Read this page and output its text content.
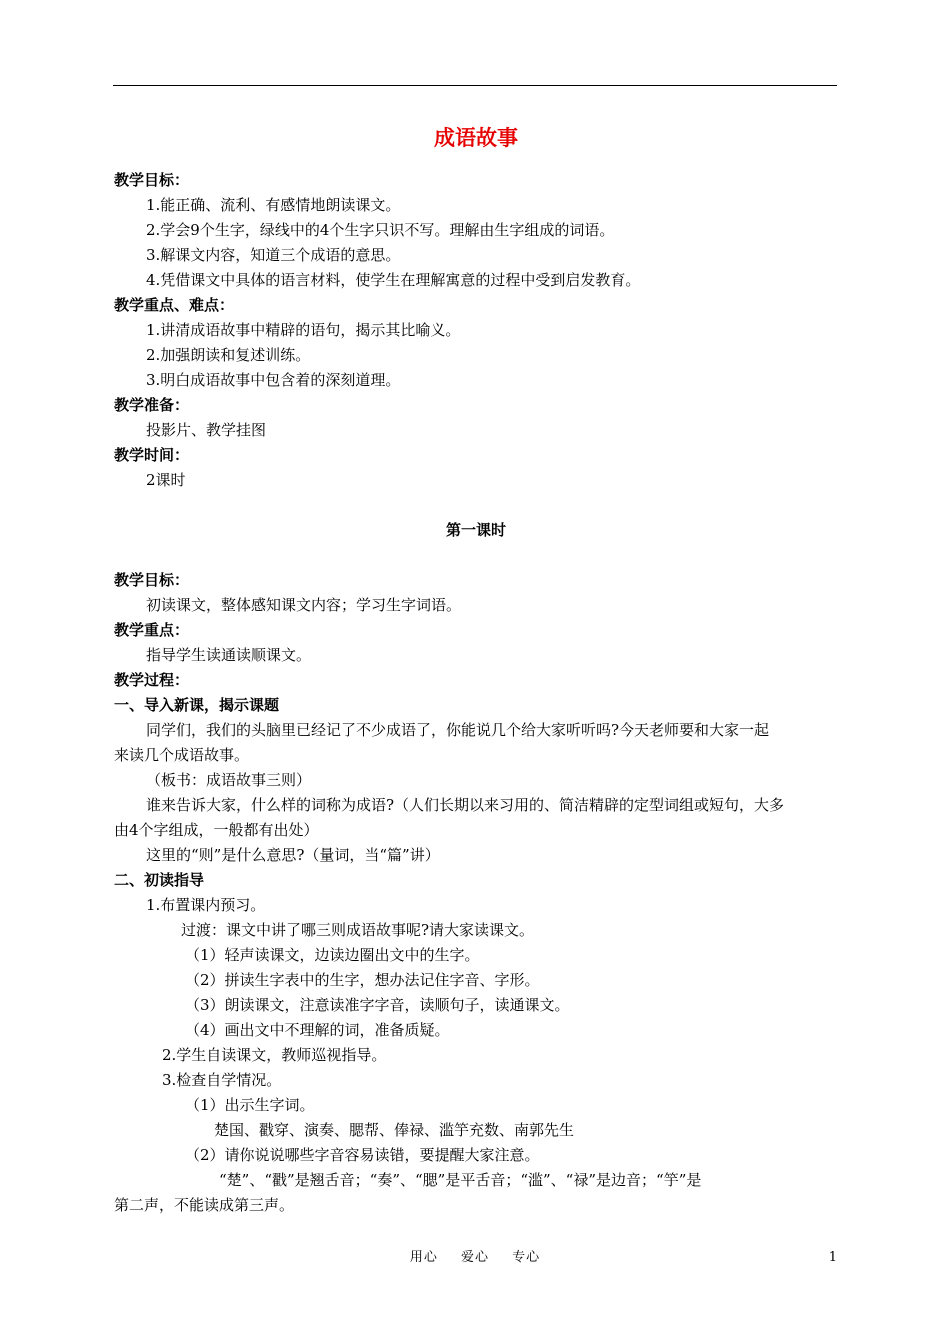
成语故事
教学目标：
1.能正确、流利、有感情地朗读课文。
2.学会9个生字，绿线中的4个生字只识不写。理解由生字组成的词语。
3.解课文内容，知道三个成语的意思。
4.凭借课文中具体的语言材料，使学生在理解寓意的过程中受到启发教育。
教学重点、难点：
1.讲清成语故事中精辟的语句，揭示其比喻义。
2.加强朗读和复述训练。
3.明白成语故事中包含着的深刻道理。
教学准备：
投影片、教学挂图
教学时间：
2课时
第一课时
教学目标：
初读课文，整体感知课文内容；学习生字词语。
教学重点：
指导学生读通读顺课文。
教学过程：
一、导入新课，揭示课题
同学们，我们的头脑里已经记了不少成语了，你能说几个给大家听听吗?今天老师要和大家一起
来读几个成语故事。
（板书：成语故事三则）
谁来告诉大家，什么样的词称为成语?（人们长期以来习用的、简洁精辟的定型词组或短句，大多
由4个字组成，一般都有出处）
这里的“则”是什么意思?（量词，当“篇”讲）
二、初读指导
1.布置课内预习。
过渡：课文中讲了哪三则成语故事呢?请大家读课文。
（1）轻声读课文，边读边圈出文中的生字。
（2）拼读生字表中的生字，想办法记住字音、字形。
（3）朗读课文，注意读准字字音，读顺句子，读通课文。
（4）画出文中不理解的词，准备质疑。
2.学生自读课文，教师巡视指导。
3.检查自学情况。
（1）出示生字词。
楚国、戳穿、演奏、腮帮、俸禄、滥竽充数、南郭先生
（2）请你说说哪些字音容易读错，要提醒大家注意。
“楚”、“戳”是翘舌音；“奏”、“腮”是平舌音；“滥”、“禄”是边音；“竽”是
第二声，不能读成第三声。
用心 爱心 专心	1
